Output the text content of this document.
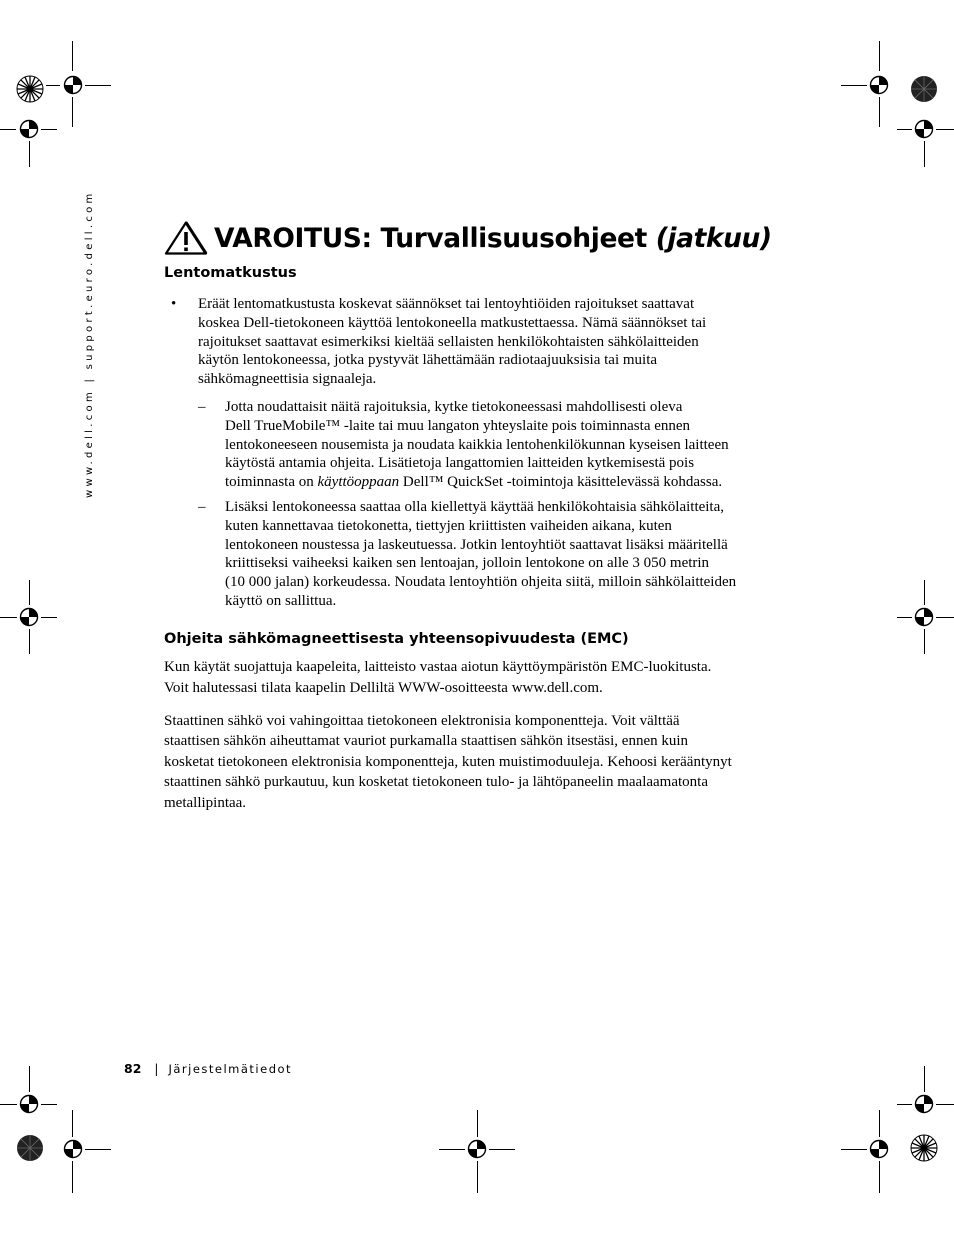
www.dell.com | support.euro.dell.com	VAROITUS: Turvallisuusohjeet (jatkuu)
Lentomatkustus
• Eräät lentomatkustusta koskevat säännökset tai lentoyhtiöiden rajoitukset saattavat
koskea Dell-tietokoneen käyttöä lentokoneella matkustettaessa. Nämä säännökset tai
rajoitukset saattavat esimerkiksi kieltää sellaisten henkilökohtaisten sähkölaitteiden
käytön lentokoneessa, jotka pystyvät lähettämään radiotaajuuksisia tai muita
sähkömagneettisia signaaleja.
– Jotta noudattaisit näitä rajoituksia, kytke tietokoneessasi mahdollisesti oleva
Dell TrueMobile™ -laite tai muu langaton yhteyslaite pois toiminnasta ennen
lentokoneeseen nousemista ja noudata kaikkia lentohenkilökunnan kyseisen laitteen
käytöstä antamia ohjeita. Lisätietoja langattomien laitteiden kytkemisestä pois
toiminnasta on käyttöoppaan Dell™ QuickSet -toimintoja käsittelevässä kohdassa.
– Lisäksi lentokoneessa saattaa olla kiellettyä käyttää henkilökohtaisia sähkölaitteita,
kuten kannettavaa tietokonetta, tiettyjen kriittisten vaiheiden aikana, kuten
lentokoneen noustessa ja laskeutuessa. Jotkin lentoyhtiöt saattavat lisäksi määritellä
kriittiseksi vaiheeksi kaiken sen lentoajan, jolloin lentokone on alle 3 050 metrin
(10 000 jalan) korkeudessa. Noudata lentoyhtiön ohjeita siitä, milloin sähkölaitteiden
käyttö on sallittua.
Ohjeita sähkömagneettisesta yhteensopivuudesta (EMC)
Kun käytät suojattuja kaapeleita, laitteisto vastaa aiotun käyttöympäristön EMC-luokitusta.
Voit halutessasi tilata kaapelin Delliltä WWW-osoitteesta www.dell.com.
Staattinen sähkö voi vahingoittaa tietokoneen elektronisia komponentteja. Voit välttää
staattisen sähkön aiheuttamat vauriot purkamalla staattisen sähkön itsestäsi, ennen kuin
kosketat tietokoneen elektronisia komponentteja, kuten muistimoduuleja. Kehoosi kerääntynyt
staattinen sähkö purkautuu, kun kosketat tietokoneen tulo- ja lähtöpaneelin maalaamatonta
metallipintaa.
82 | Järjestelmätiedot
